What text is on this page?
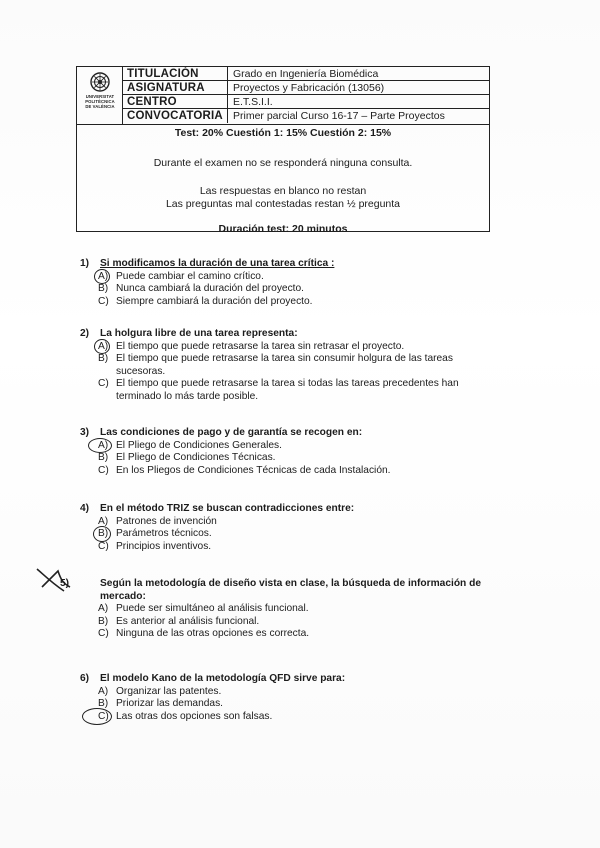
UNIVERSITAT
POLITÈCNICA
DE VALÈNCIA
TITULACIÓN	Grado en Ingeniería Biomédica
ASIGNATURA	Proyectos y Fabricación (13056)
CENTRO	E.T.S.I.I.
CONVOCATORIA Primer parcial Curso 16-17 – Parte Proyectos
Test: 20% Cuestión 1: 15% Cuestión 2: 15%
Durante el examen no se responderá ninguna consulta.
Las respuestas en blanco no restan
Las preguntas mal contestadas restan ½ pregunta
Duración test: 20 minutos
1) Si modificamos la duración de una tarea crítica :
A) Puede cambiar el camino crítico.
B) Nunca cambiará la duración del proyecto.
C) Siempre cambiará la duración del proyecto.
2) La holgura libre de una tarea representa:
A) El tiempo que puede retrasarse la tarea sin retrasar el proyecto.
B) El tiempo que puede retrasarse la tarea sin consumir holgura de las tareas sucesoras.
C) El tiempo que puede retrasarse la tarea si todas las tareas precedentes han terminado lo más tarde posible.
3) Las condiciones de pago y de garantía se recogen en:
A) El Pliego de Condiciones Generales.
B) El Pliego de Condiciones Técnicas.
C) En los Pliegos de Condiciones Técnicas de cada Instalación.
4) En el método TRIZ se buscan contradicciones entre:
A) Patrones de invención
B) Parámetros técnicos.
C) Principios inventivos.
5)	Según la metodología de diseño vista en clase, la búsqueda de información de mercado:
A) Puede ser simultáneo al análisis funcional.
B) Es anterior al análisis funcional.
C) Ninguna de las otras opciones es correcta.
6) El modelo Kano de la metodología QFD sirve para:
A) Organizar las patentes.
B) Priorizar las demandas.
C) Las otras dos opciones son falsas.
